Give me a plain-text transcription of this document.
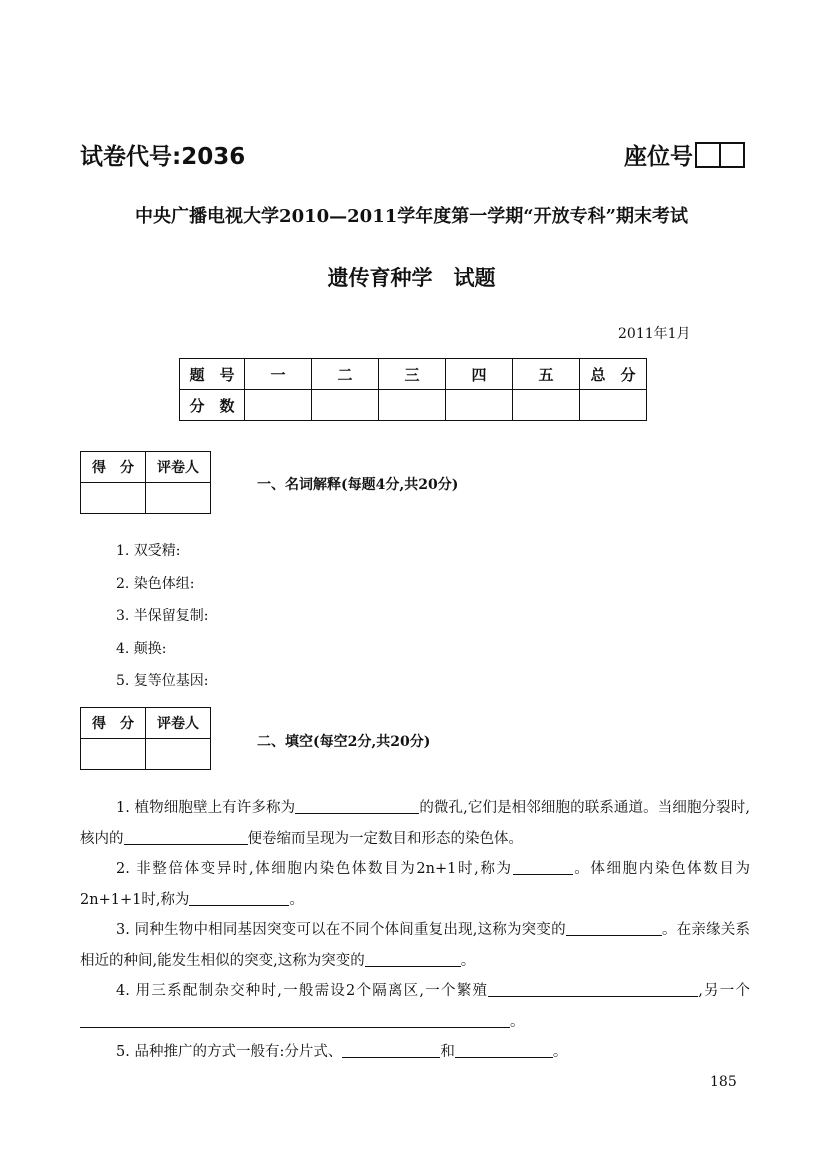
试卷代号:2036	座位号
中央广播电视大学2010—2011学年度第一学期“开放专科”期末考试
遗传育种学　试题
2011年1月
题　号	一	二	三	四	五	总　分
分　数						
得　分	评卷人

一、名词解释(每题4分,共20分)
1. 双受精:
2. 染色体组:
3. 半保留复制:
4. 颠换:
5. 复等位基因:
得　分	评卷人

二、填空(每空2分,共20分)

1. 植物细胞壁上有许多称为	的微孔,它们是相邻细胞的联系通道。当细胞分裂时,核内的	便卷缩而呈现为一定数目和形态的染色体。

2. 非整倍体变异时,体细胞内染色体数目为2n+1时,称为	。体细胞内染色体数目为2n+1+1时,称为	。

3. 同种生物中相同基因突变可以在不同个体间重复出现,这称为突变的	。在亲缘关系相近的种间,能发生相似的突变,这称为突变的	。

4. 用三系配制杂交种时,一般需设2个隔离区,一个繁殖	,另一个。

5. 品种推广的方式一般有:分片式、	和	。

185
